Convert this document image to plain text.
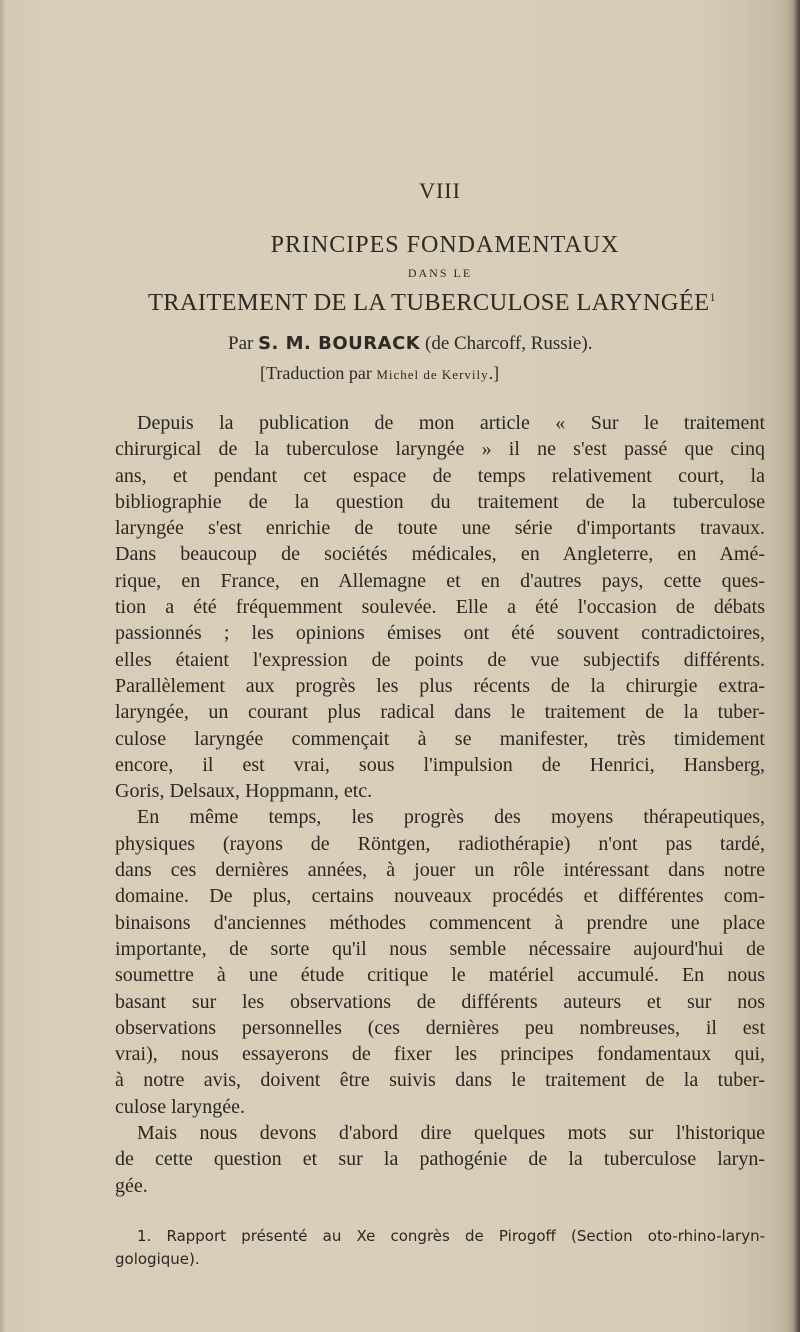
VIII
PRINCIPES FONDAMENTAUX
DANS LE
TRAITEMENT DE LA TUBERCULOSE LARYNGÉE$^1$
Par S. M. BOURACK (de Charcoff, Russie).
[Traduction par Michel de Kervily.]

Depuis la publication de mon article « Sur le traitement
chirurgical de la tuberculose laryngée » il ne s'est passé que cinq
ans, et pendant cet espace de temps relativement court, la
bibliographie de la question du traitement de la tuberculose
laryngée s'est enrichie de toute une série d'importants travaux.
Dans beaucoup de sociétés médicales, en Angleterre, en Amé-
rique, en France, en Allemagne et en d'autres pays, cette ques-
tion a été fréquemment soulevée. Elle a été l'occasion de débats
passionnés ; les opinions émises ont été souvent contradictoires,
elles étaient l'expression de points de vue subjectifs différents.
Parallèlement aux progrès les plus récents de la chirurgie extra-
laryngée, un courant plus radical dans le traitement de la tuber-
culose laryngée commençait à se manifester, très timidement
encore, il est vrai, sous l'impulsion de Henrici, Hansberg,
Goris, Delsaux, Hoppmann, etc.

En même temps, les progrès des moyens thérapeutiques,
physiques (rayons de Röntgen, radiothérapie) n'ont pas tardé,
dans ces dernières années, à jouer un rôle intéressant dans notre
domaine. De plus, certains nouveaux procédés et différentes com-
binaisons d'anciennes méthodes commencent à prendre une place
importante, de sorte qu'il nous semble nécessaire aujourd'hui de
soumettre à une étude critique le matériel accumulé. En nous
basant sur les observations de différents auteurs et sur nos
observations personnelles (ces dernières peu nombreuses, il est
vrai), nous essayerons de fixer les principes fondamentaux qui,
à notre avis, doivent être suivis dans le traitement de la tuber-
culose laryngée.

Mais nous devons d'abord dire quelques mots sur l'historique
de cette question et sur la pathogénie de la tuberculose laryn-
gée.

1. Rapport présenté au Xe congrès de Pirogoff (Section oto-rhino-laryn-
gologique).
